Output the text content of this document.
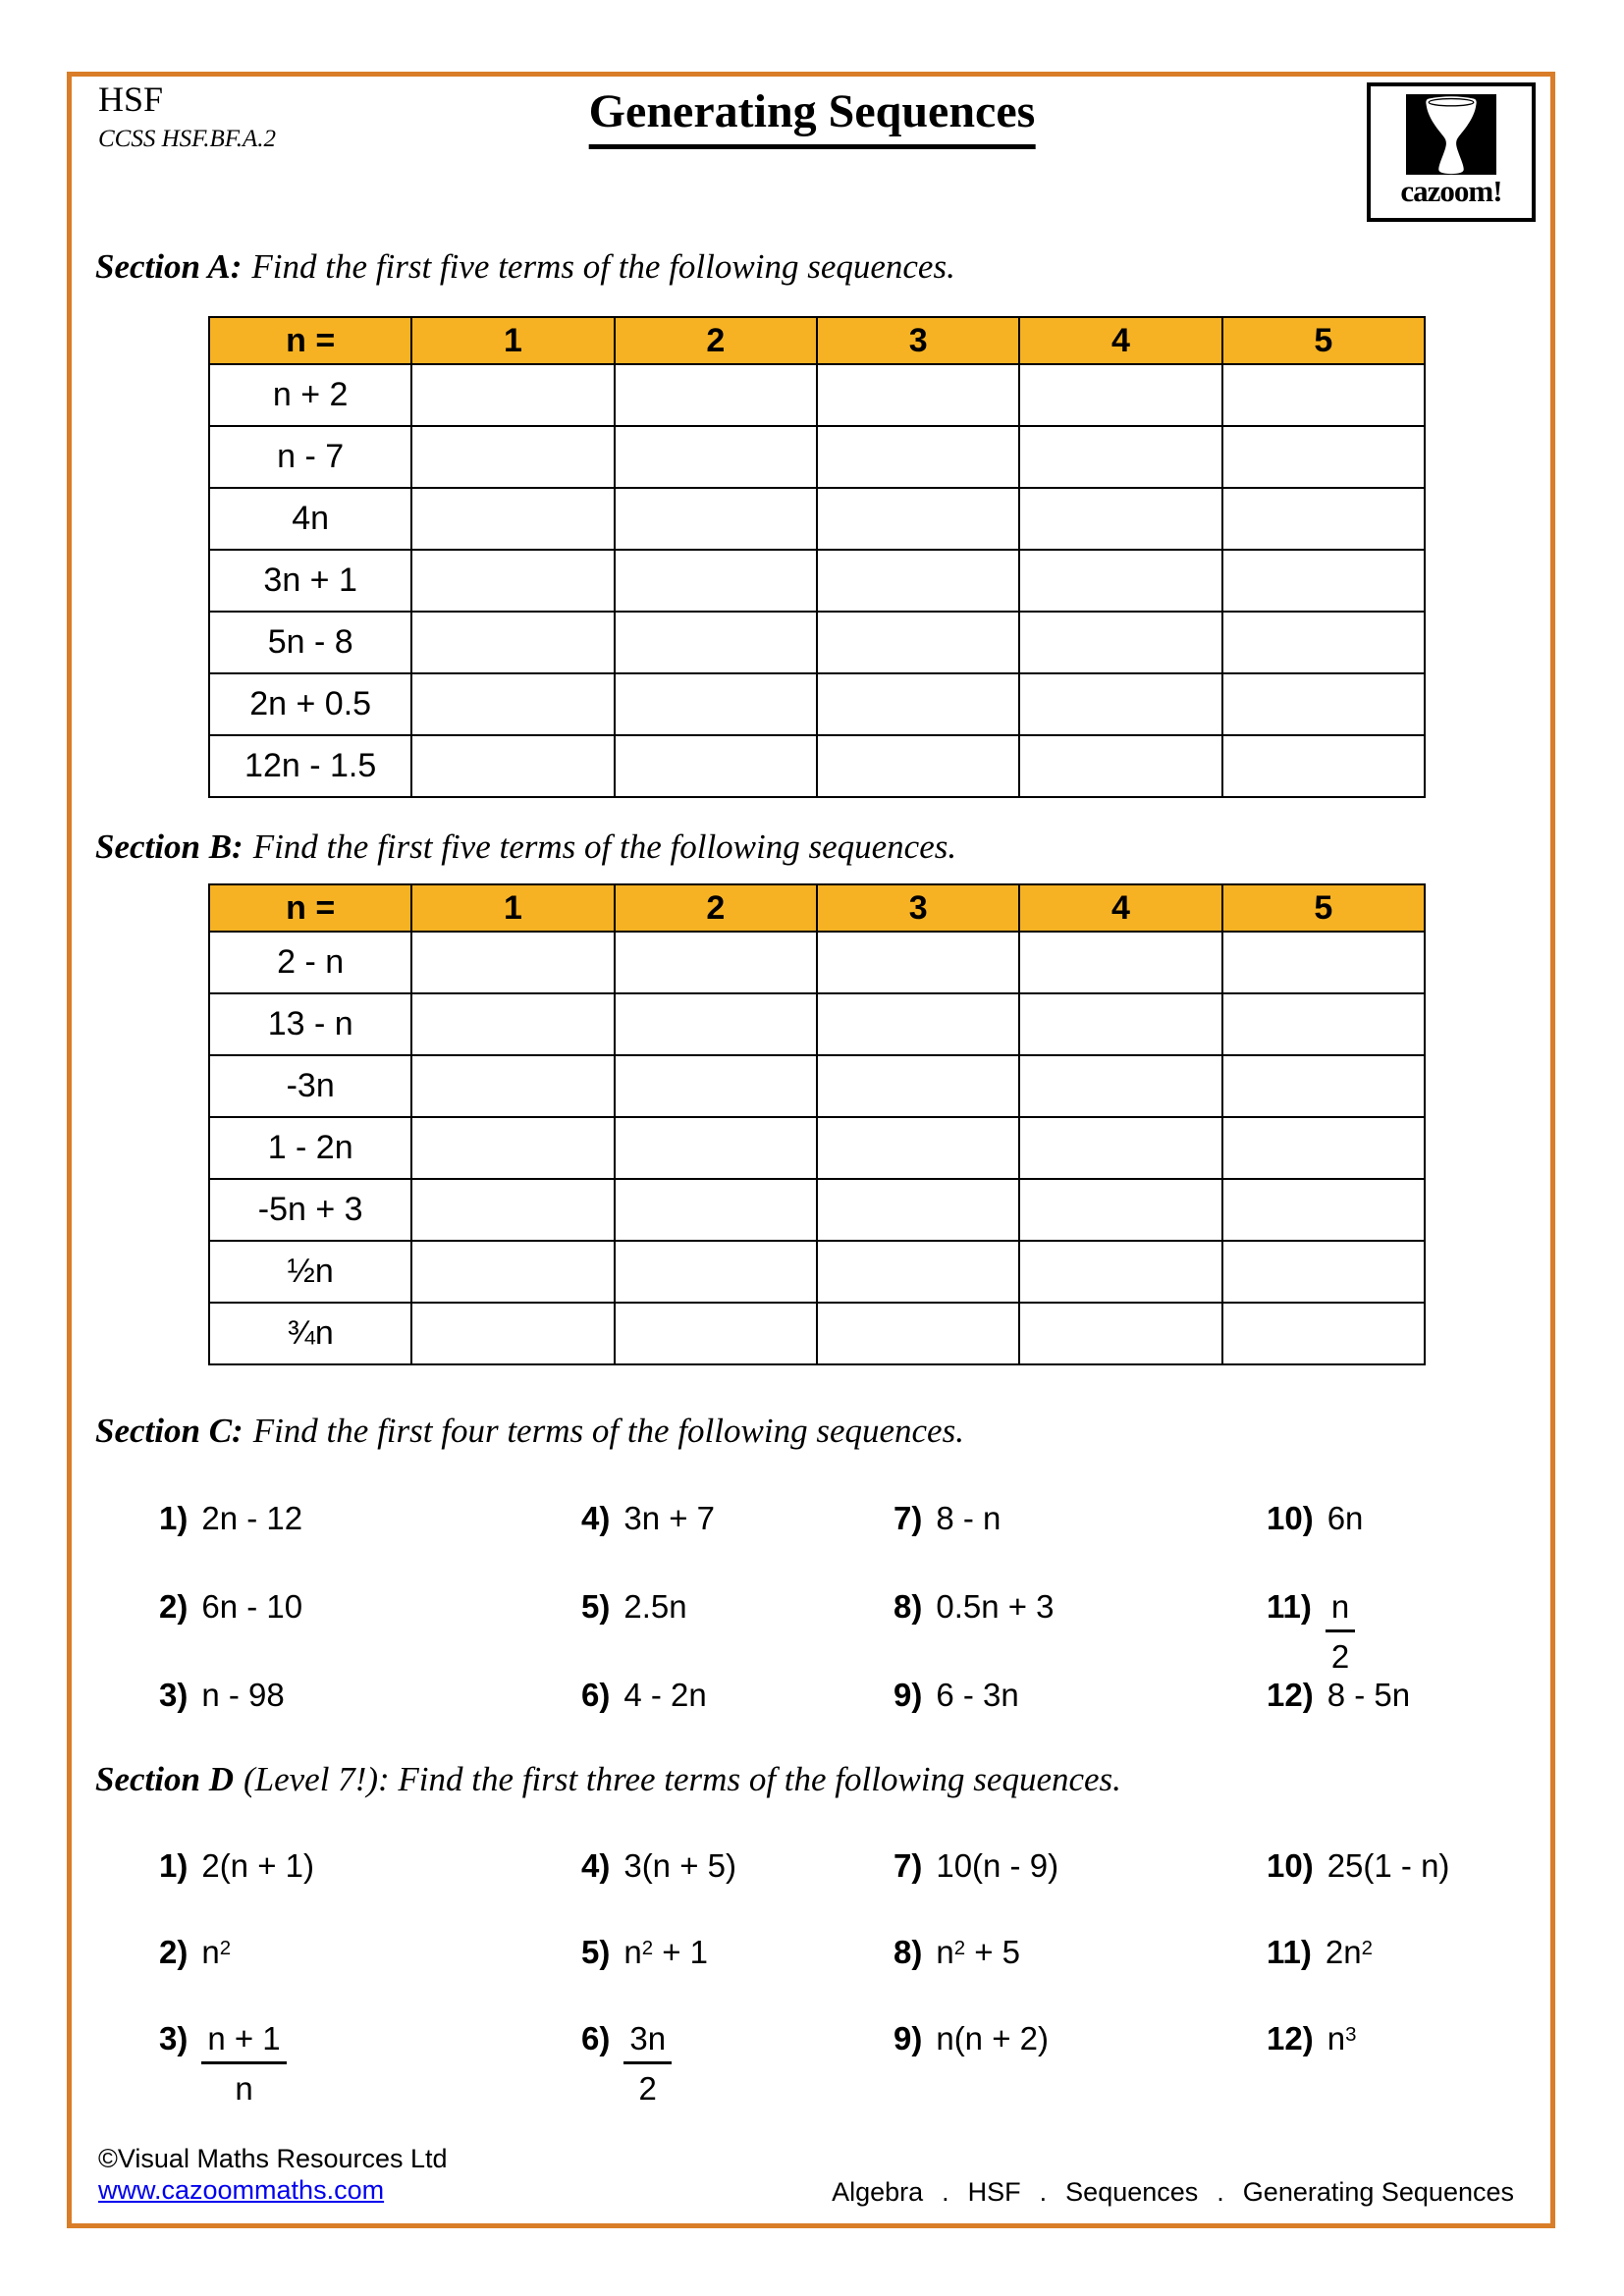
HSF
CCSS HSF.BF.A.2
Generating Sequences
cazoom!
Section A: Find the first five terms of the following sequences.
n =	1	2	3	4	5
n + 2					
n - 7					
4n					
3n + 1					
5n - 8					
2n + 0.5					
12n - 1.5					
Section B: Find the first five terms of the following sequences.
n =	1	2	3	4	5
2 - n					
13 - n					
-3n					
1 - 2n					
-5n + 3					
½n					
¾n					
Section C: Find the first four terms of the following sequences.
1) 2n - 12
2) 6n - 10
3) n - 98
4) 3n + 7
5) 2.5n
6) 4 - 2n
7) 8 - n
8) 0.5n + 3
9) 6 - 3n
10) 6n
$11) \frac{n}{2}$
12) 8 - 5n
Section D (Level 7!): Find the first three terms of the following sequences.
1) 2(n + 1)
2) $n^2$
$3) \frac{n + 1}{n}$
4) 3(n + 5)
5) $n^2 + 1$
$6) \frac{3n}{2}$
7) 10(n - 9)
8) $n^2 + 5$
9) n(n + 2)
10) 25(1 - n)
11) $2n^2$
12) $n^3$
©Visual Maths Resources Ltd
www.cazoommaths.com	Algebra . HSF . Sequences . Generating Sequences
